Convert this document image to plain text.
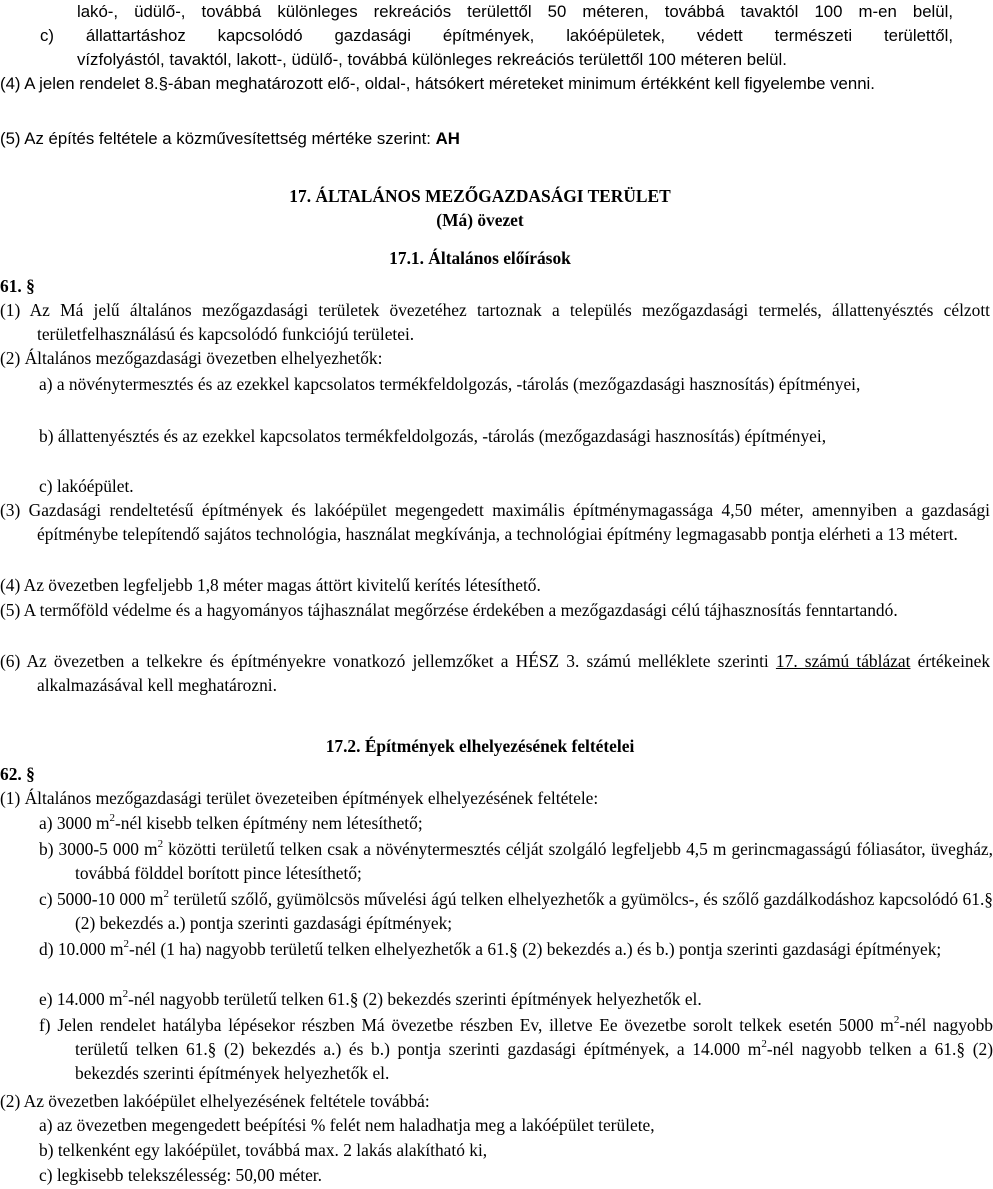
lakó-, üdülő-, továbbá különleges rekreációs területtől 50 méteren, továbbá tavaktól 100 m-en belül,
c) állattartáshoz kapcsolódó gazdasági építmények, lakóépületek, védett természeti területtől,
vízfolyástól, tavaktól, lakott-, üdülő-, továbbá különleges rekreációs területtől 100 méteren belül.
(4) A jelen rendelet 8.§-ában meghatározott elő-, oldal-, hátsókert méreteket minimum értékként kell figyelembe venni.
(5) Az építés feltétele a közművesítettség mértéke szerint: AH
17. ÁLTALÁNOS MEZŐGAZDASÁGI TERÜLET
(Má) övezet
17.1. Általános előírások
61. §
(1) Az Má jelű általános mezőgazdasági területek övezetéhez tartoznak a település mezőgazdasági termelés, állattenyésztés célzott területfelhasználású és kapcsolódó funkciójú területei.
(2) Általános mezőgazdasági övezetben elhelyezhetők:
a) a növénytermesztés és az ezekkel kapcsolatos termékfeldolgozás, -tárolás (mezőgazdasági hasznosítás) építményei,
b) állattenyésztés és az ezekkel kapcsolatos termékfeldolgozás, -tárolás (mezőgazdasági hasznosítás) építményei,
c) lakóépület.
(3) Gazdasági rendeltetésű építmények és lakóépület megengedett maximális építménymagassága 4,50 méter, amennyiben a gazdasági építménybe telepítendő sajátos technológia, használat megkívánja, a technológiai építmény legmagasabb pontja elérheti a 13 métert.
(4) Az övezetben legfeljebb 1,8 méter magas áttört kivitelű kerítés létesíthető.
(5) A termőföld védelme és a hagyományos tájhasználat megőrzése érdekében a mezőgazdasági célú tájhasznosítás fenntartandó.
(6) Az övezetben a telkekre és építményekre vonatkozó jellemzőket a HÉSZ 3. számú melléklete szerinti 17. számú táblázat értékeinek alkalmazásával kell meghatározni.
17.2. Építmények elhelyezésének feltételei
62. §
(1) Általános mezőgazdasági terület övezeteiben építmények elhelyezésének feltétele:
a) 3000 $m^2$-nél kisebb telken építmény nem létesíthető;
b) 3000-5 000 $m^2$ közötti területű telken csak a növénytermesztés célját szolgáló legfeljebb 4,5 m gerincmagasságú fóliasátor, üvegház, továbbá földdel borított pince létesíthető;
c) 5000-10 000 $m^2$ területű szőlő, gyümölcsös művelési ágú telken elhelyezhetők a gyümölcs-, és szőlő gazdálkodáshoz kapcsolódó 61.§ (2) bekezdés a.) pontja szerinti gazdasági építmények;
d) 10.000 $m^2$-nél (1 ha) nagyobb területű telken elhelyezhetők a 61.§ (2) bekezdés a.) és b.) pontja szerinti gazdasági építmények;
e) 14.000 $m^2$-nél nagyobb területű telken 61.§ (2) bekezdés szerinti építmények helyezhetők el.
f) Jelen rendelet hatályba lépésekor részben Má övezetbe részben Ev, illetve Ee övezetbe sorolt telkek esetén 5000 $m^2$-nél nagyobb területű telken 61.§ (2) bekezdés a.) és b.) pontja szerinti gazdasági építmények, a 14.000 $m^2$-nél nagyobb telken a 61.§ (2) bekezdés szerinti építmények helyezhetők el.
(2) Az övezetben lakóépület elhelyezésének feltétele továbbá:
a) az övezetben megengedett beépítési % felét nem haladhatja meg a lakóépület területe,
b) telkenként egy lakóépület, továbbá max. 2 lakás alakítható ki,
c) legkisebb telekszélesség: 50,00 méter.
